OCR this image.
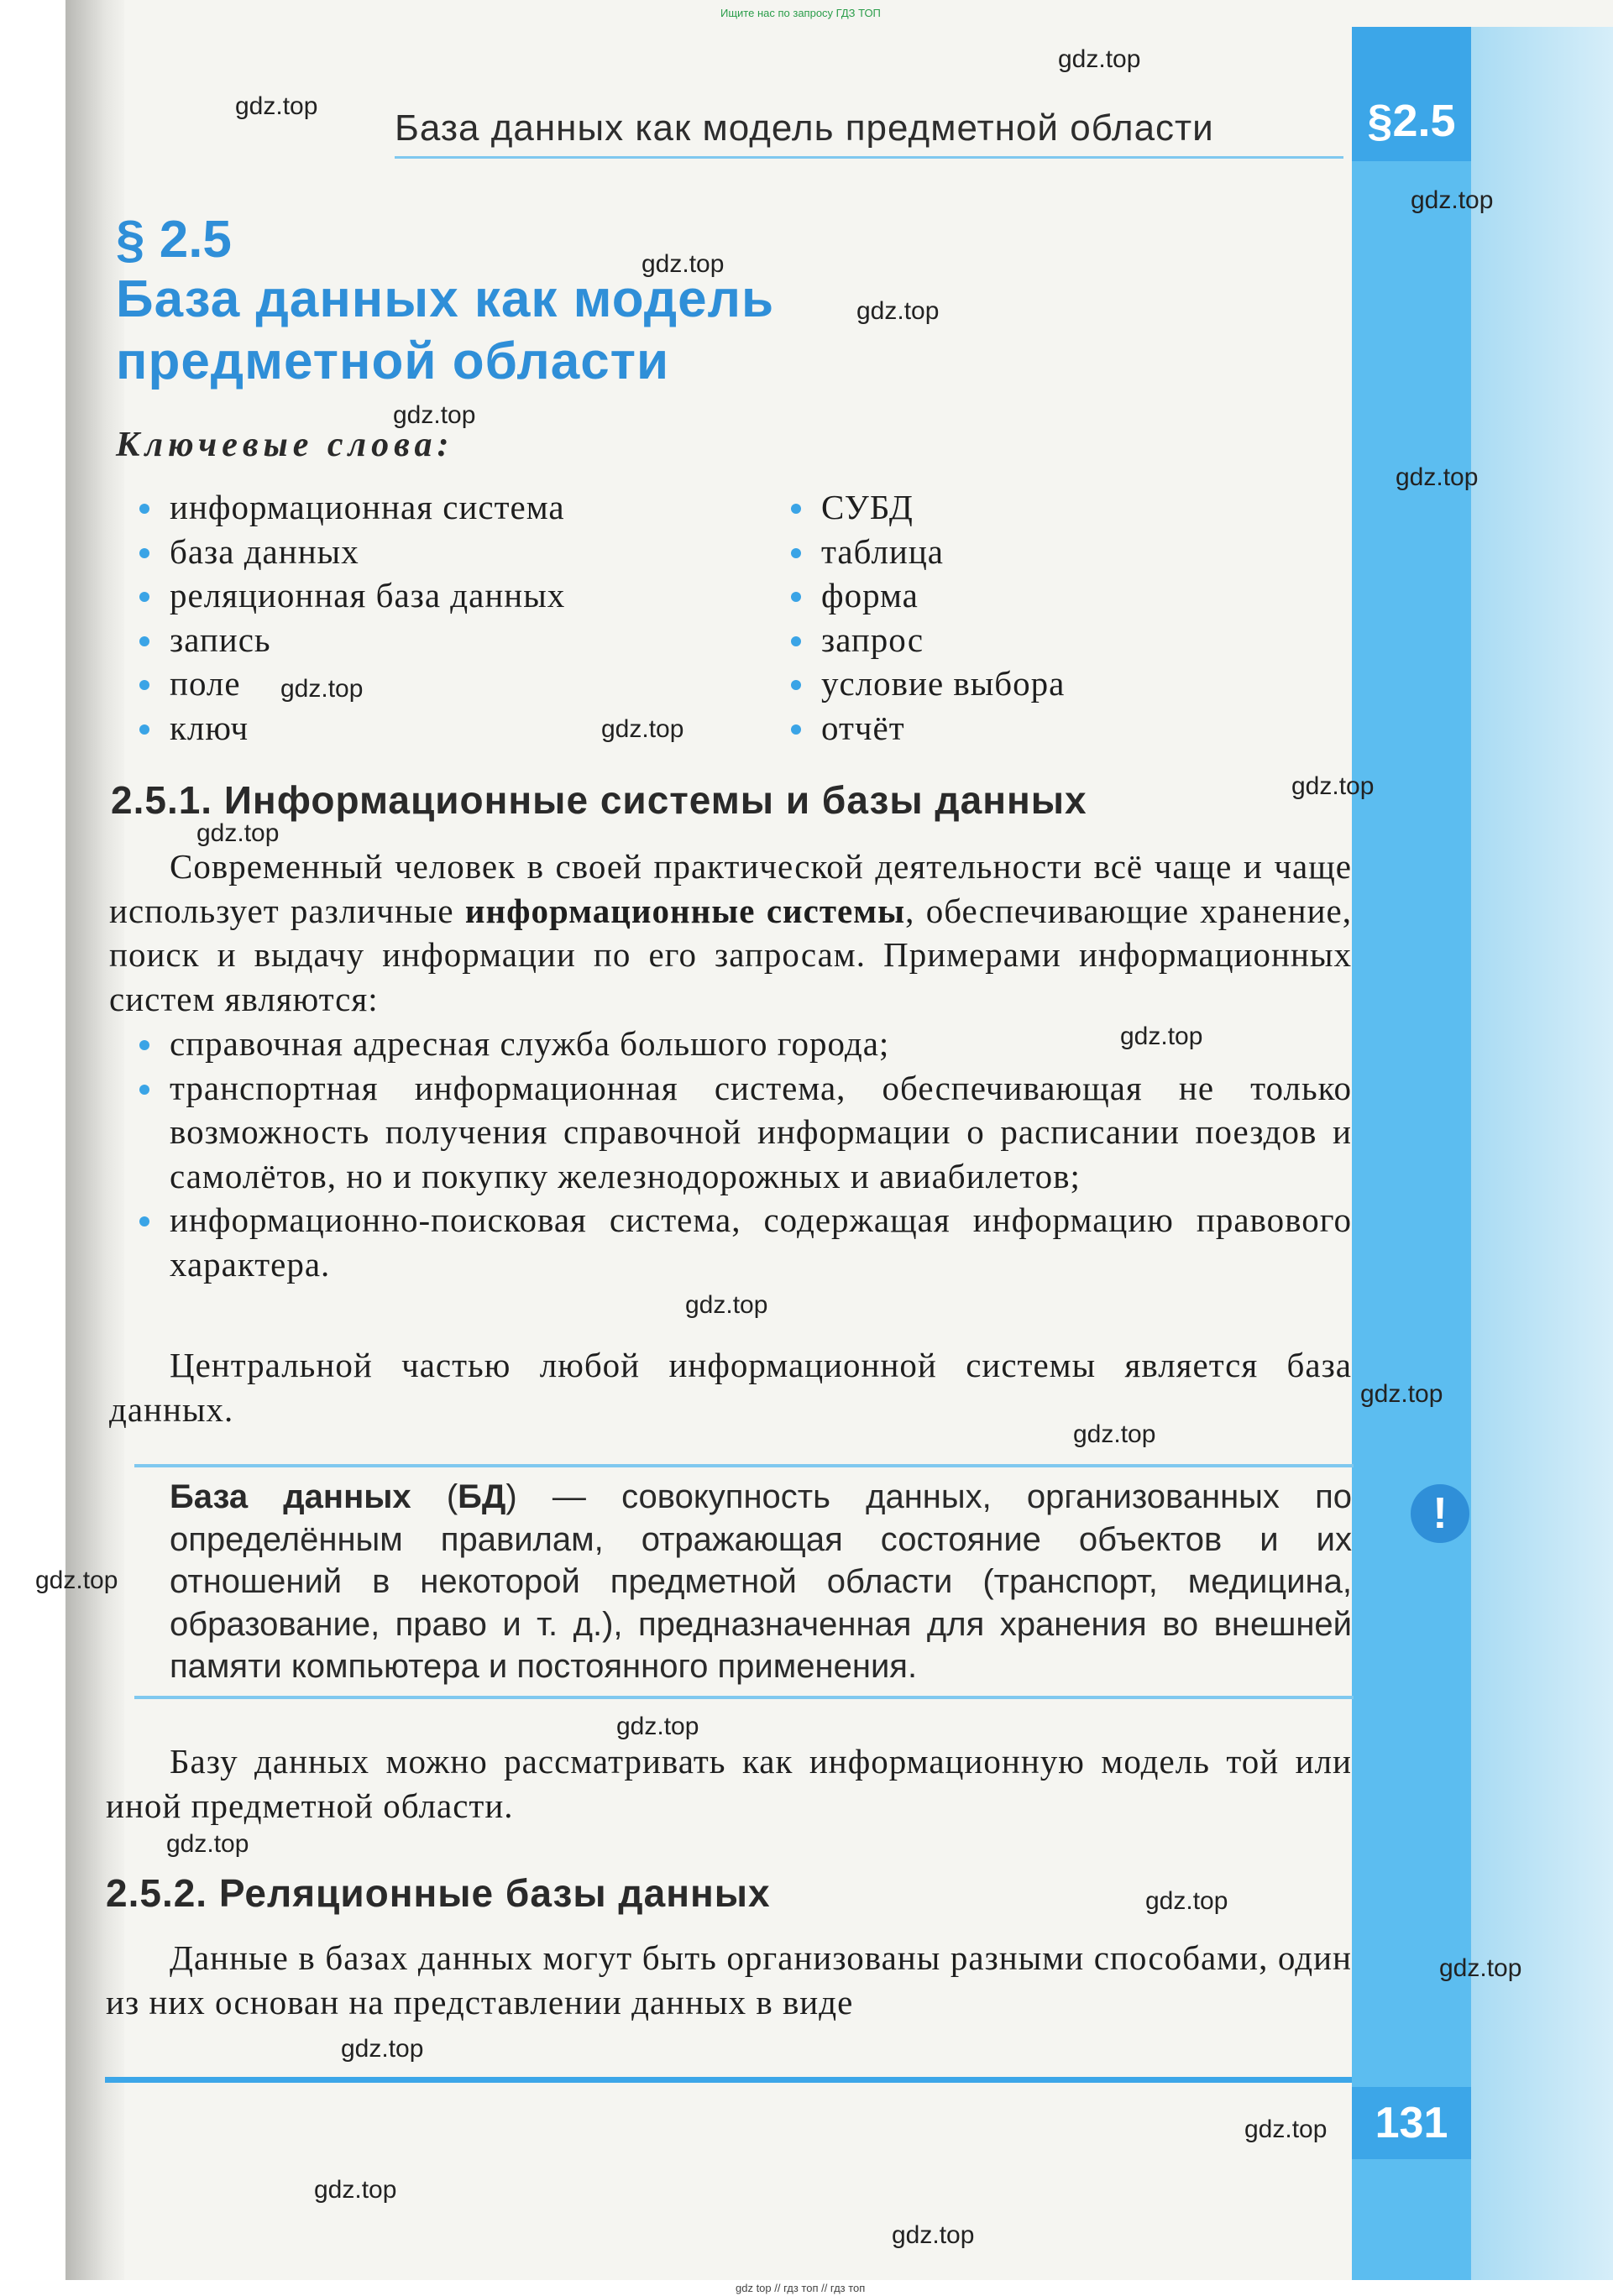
§2.5
Ищите нас по запросу ГДЗ ТОП
База данных как модель предметной области
§ 2.5
База данных как модель предметной области
Ключевые слова:
информационная система
база данных
реляционная база данных
запись
поле
ключ
СУБД
таблица
форма
запрос
условие выбора
отчёт
2.5.1. Информационные системы и базы данных
Современный человек в своей практической деятельности всё чаще и чаще использует различные информационные системы, обеспечивающие хранение, поиск и выдачу информации по его запросам. Примерами информационных систем являются:
справочная адресная служба большого города;
транспортная информационная система, обеспечивающая не только возможность получения справочной информации о расписании поездов и самолётов, но и покупку железнодорожных и авиабилетов;
информационно-поисковая система, содержащая информацию правового характера.
Центральной частью любой информационной системы является база данных.
База данных (БД) — совокупность данных, организованных по определённым правилам, отражающая состояние объектов и их отношений в некоторой предметной области (транспорт, медицина, образование, право и т. д.), предназначенная для хранения во внешней памяти компьютера и постоянного применения.
!
Базу данных можно рассматривать как информационную модель той или иной предметной области.
2.5.2. Реляционные базы данных
Данные в базах данных могут быть организованы разными способами, один из них основан на представлении данных в виде
131
gdz.top
gdz.top
gdz.top
gdz.top
gdz.top
gdz.top
gdz.top
gdz.top
gdz.top
gdz.top
gdz.top
gdz.top
gdz.top
gdz.top
gdz.top
gdz.top
gdz.top
gdz.top
gdz.top
gdz.top
gdz.top
gdz.top
gdz.top
gdz.top
gdz top // гдз топ // гдз топ
